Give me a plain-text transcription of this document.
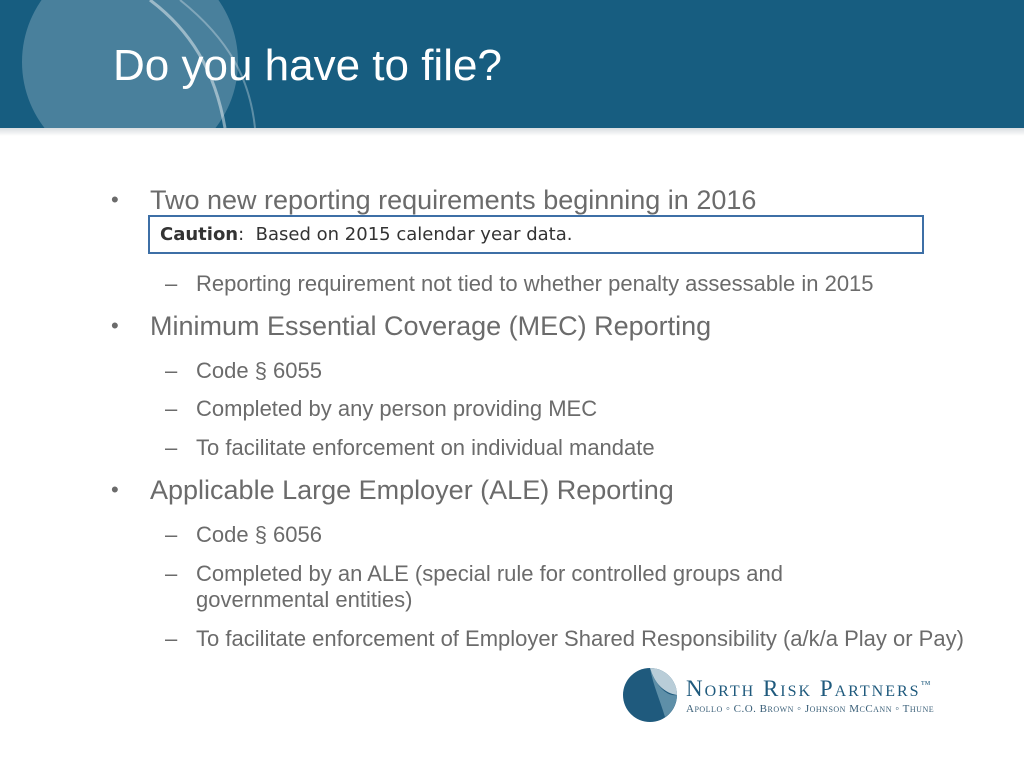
Do you have to file?
• Two new reporting requirements beginning in 2016
Caution: Based on 2015 calendar year data.
– Reporting requirement not tied to whether penalty assessable in 2015
• Minimum Essential Coverage (MEC) Reporting
– Code § 6055
– Completed by any person providing MEC
– To facilitate enforcement on individual mandate
• Applicable Large Employer (ALE) Reporting
– Code § 6056
– Completed by an ALE (special rule for controlled groups and governmental entities)
– To facilitate enforcement of Employer Shared Responsibility (a/k/a Play or Pay)
North Risk Partners™
Apollo ◦ C.O. Brown ◦ Johnson McCann ◦ Thune
